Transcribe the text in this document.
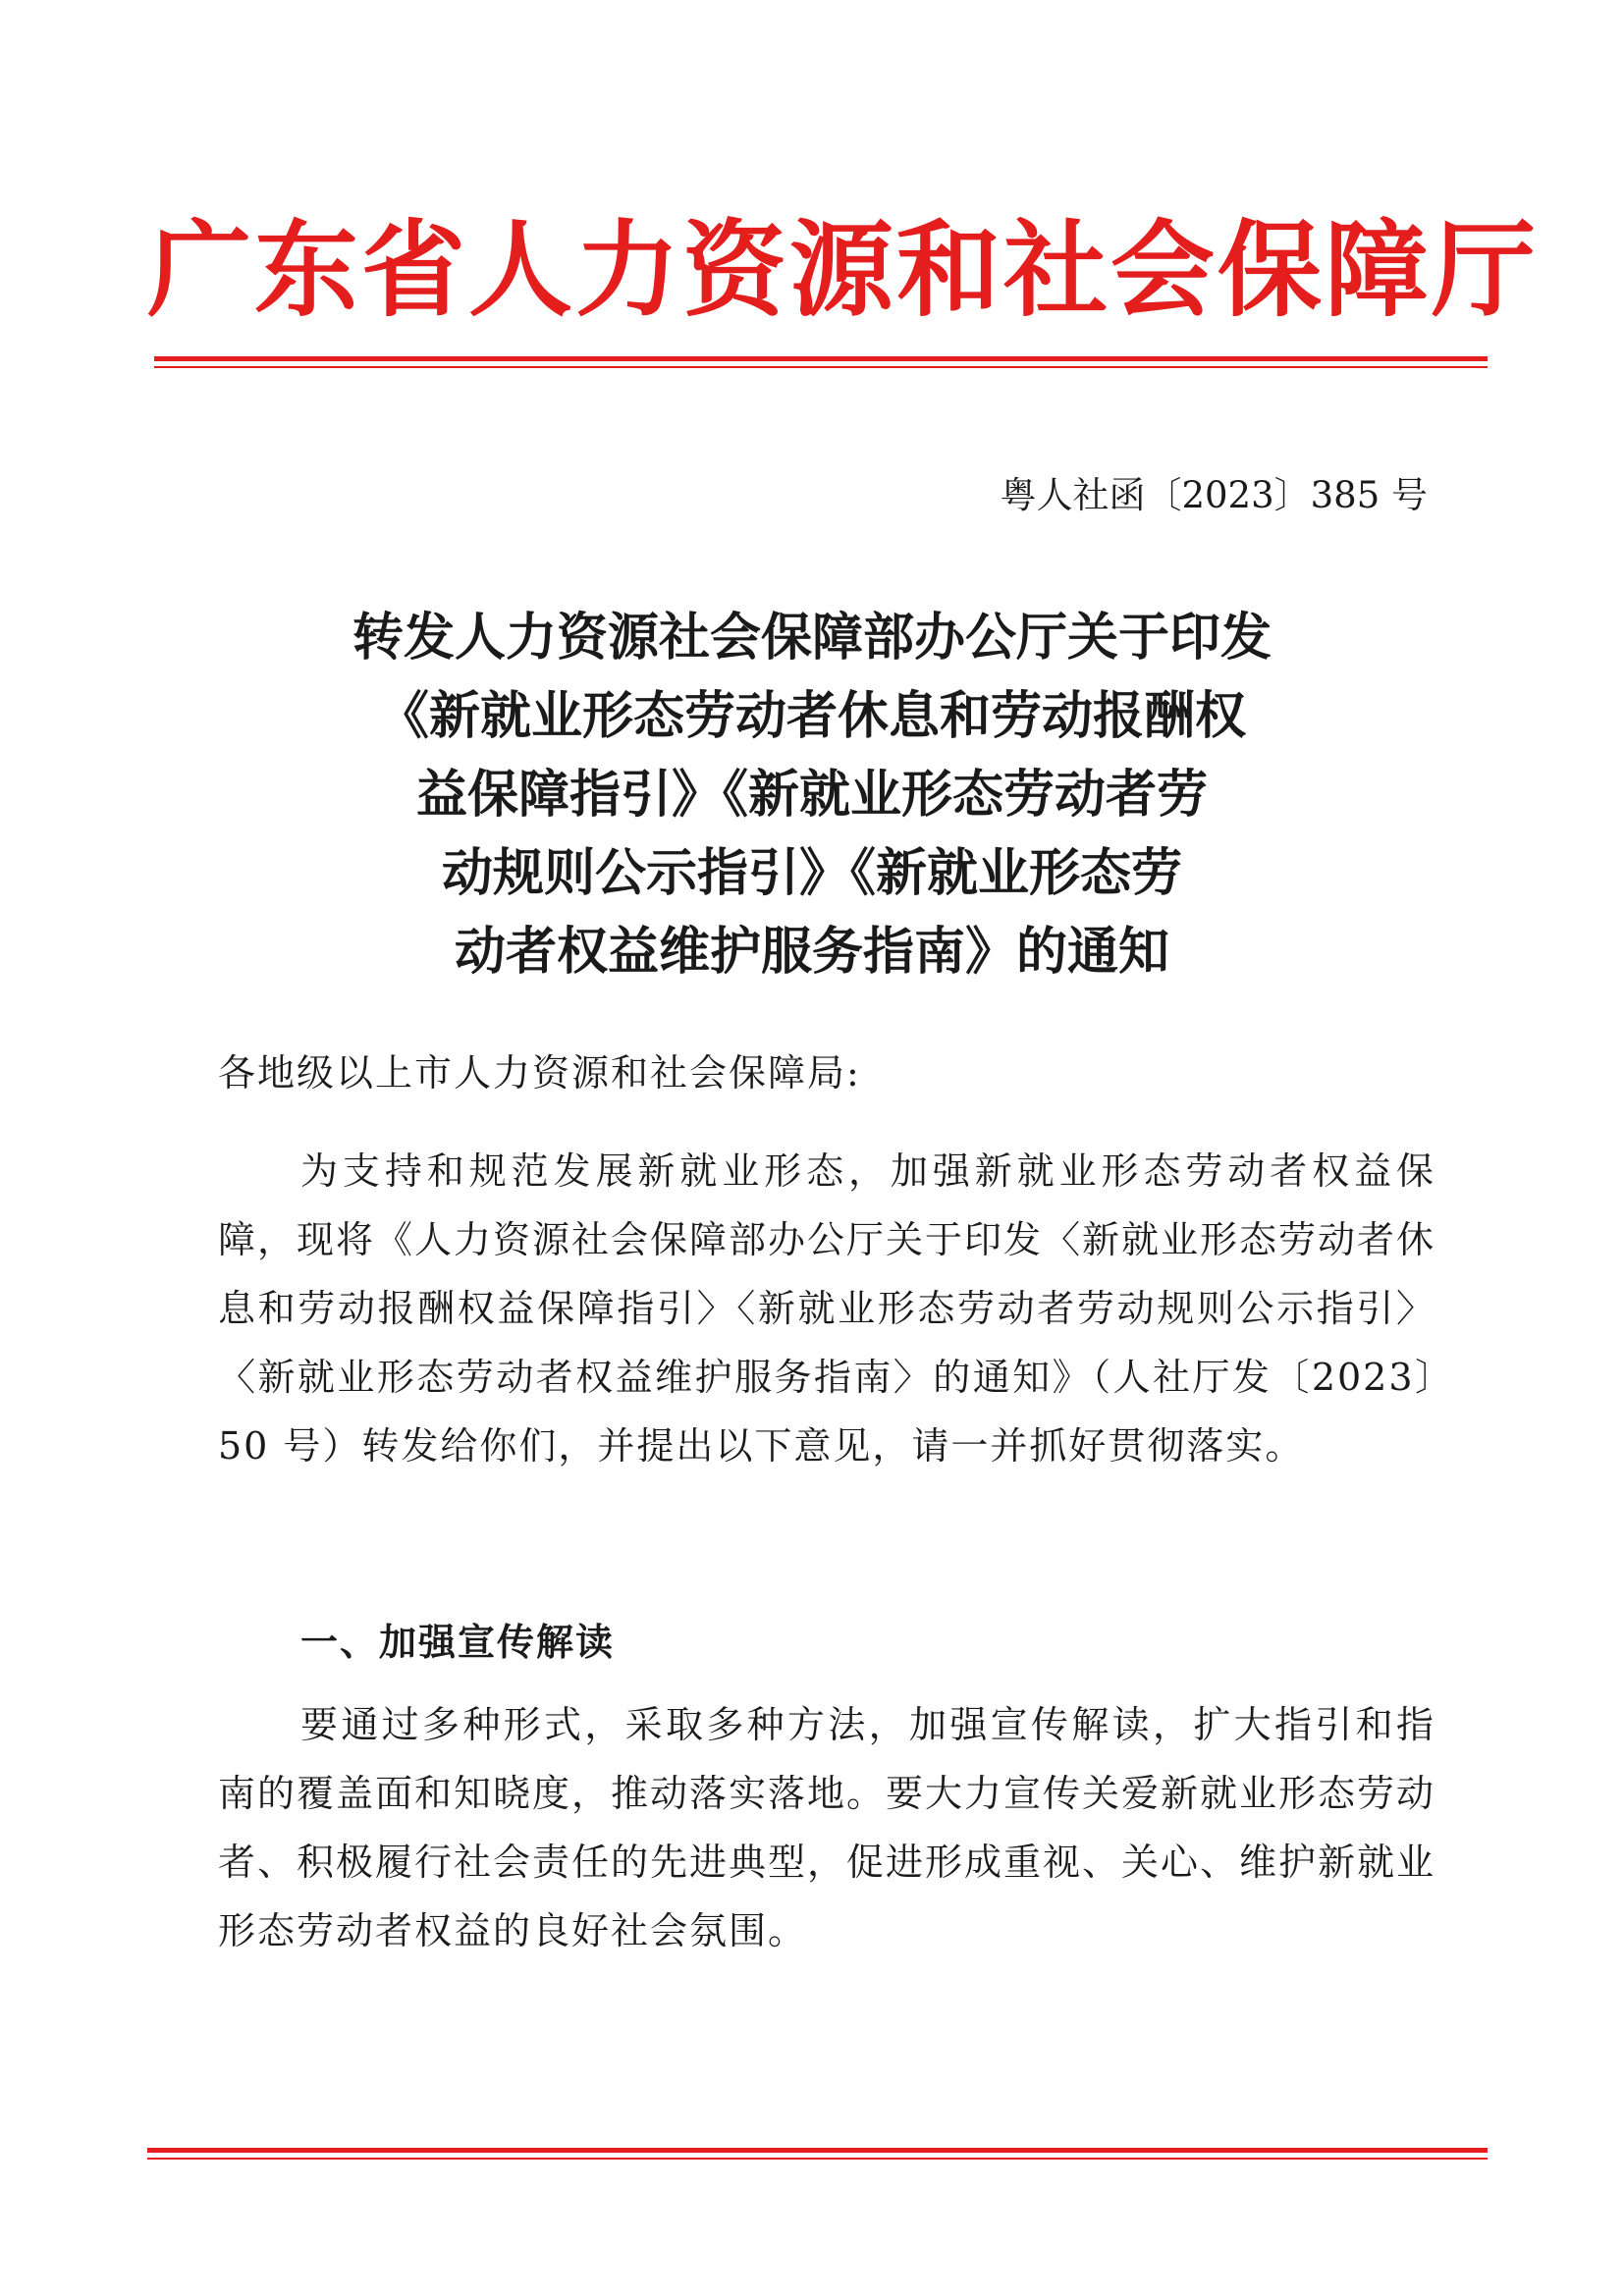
广东省人力资源和社会保障厅
粤人社函〔2023〕385 号
转发人力资源社会保障部办公厅关于印发
《新就业形态劳动者休息和劳动报酬权
益保障指引》《新就业形态劳动者劳
动规则公示指引》《新就业形态劳
动者权益维护服务指南》的通知
各地级以上市人力资源和社会保障局:
为支持和规范发展新就业形态，加强新就业形态劳动者权益保障，现将《人力资源社会保障部办公厅关于印发〈新就业形态劳动者休息和劳动报酬权益保障指引〉〈新就业形态劳动者劳动规则公示指引〉〈新就业形态劳动者权益维护服务指南〉的通知》（人社厅发〔2023〕50 号）转发给你们，并提出以下意见，请一并抓好贯彻落实。
一、加强宣传解读
要通过多种形式，采取多种方法，加强宣传解读，扩大指引和指南的覆盖面和知晓度，推动落实落地。要大力宣传关爱新就业形态劳动者、积极履行社会责任的先进典型，促进形成重视、关心、维护新就业形态劳动者权益的良好社会氛围。
